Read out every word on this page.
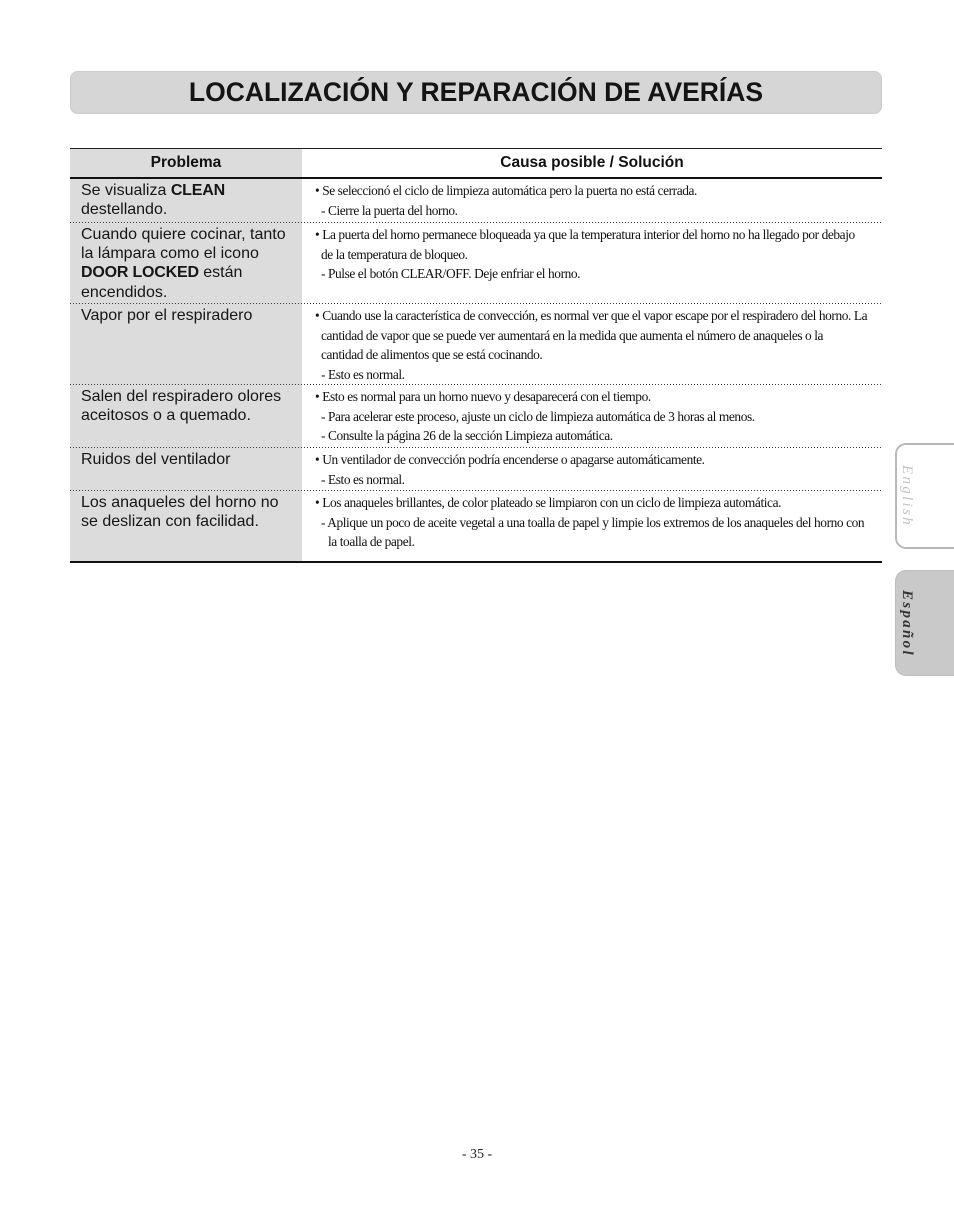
LOCALIZACIÓN Y REPARACIÓN DE AVERÍAS
Problema	Causa posible / Solución
Se visualiza CLEAN
destellando.
• Se seleccionó el ciclo de limpieza automática pero la puerta no está cerrada.
- Cierre la puerta del horno.
Cuando quiere cocinar, tanto
la lámpara como el icono
DOOR LOCKED están
encendidos.
• La puerta del horno permanece bloqueada ya que la temperatura interior del horno no ha llegado por debajo
de la temperatura de bloqueo.
- Pulse el botón CLEAR/OFF. Deje enfriar el horno.
Vapor por el respiradero	• Cuando use la característica de convección, es normal ver que el vapor escape por el respiradero del horno. La
cantidad de vapor que se puede ver aumentará en la medida que aumenta el número de anaqueles o la
cantidad de alimentos que se está cocinando.
- Esto es normal.
Salen del respiradero olores
aceitosos o a quemado.
• Esto es normal para un horno nuevo y desaparecerá con el tiempo.
- Para acelerar este proceso, ajuste un ciclo de limpieza automática de 3 horas al menos.
- Consulte la página 26 de la sección Limpieza automática.
Ruidos del ventilador	• Un ventilador de convección podría encenderse o apagarse automáticamente.
- Esto es normal.
Los anaqueles del horno no
se deslizan con facilidad.
• Los anaqueles brillantes, de color plateado se limpiaron con un ciclo de limpieza automática.
- Aplique un poco de aceite vegetal a una toalla de papel y limpie los extremos de los anaqueles del horno con
la toalla de papel.
English
Español
- 35 -
